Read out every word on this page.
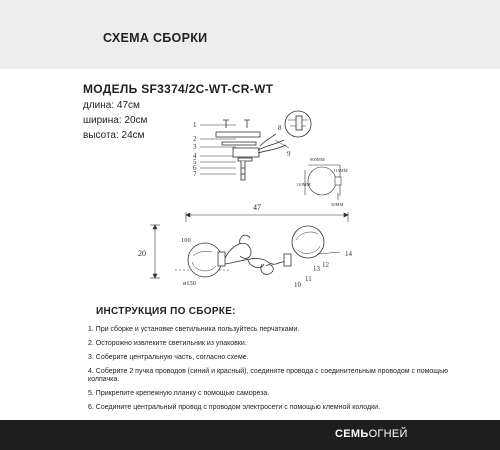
СХЕМА СБОРКИ
МОДЕЛЬ SF3374/2C-WT-CR-WT
длина: 47см
ширина: 20см
высота: 24см
1
2
3
4
5
6
7
8
9
900MM
113MM
110MM
50MM
47
20
100
ø130	10
11
12
13
14
ИНСТРУКЦИЯ ПО СБОРКЕ:
1. При сборке и установке светильника пользуйтесь перчатками.
2. Осторожно извлеките светильник из упаковки.
3. Соберите центральную часть, согласно схеме.
4. Соберите 2 пучка проводов (синий и красный), соедините провода с соединительным проводом с помощью колпачка.
5. Прикрепите крепежную планку с помощью самореза.
6. Соедините центральный провод с проводом электросети с помощью клемной колодки.
СЕМЬОГНЕЙ
